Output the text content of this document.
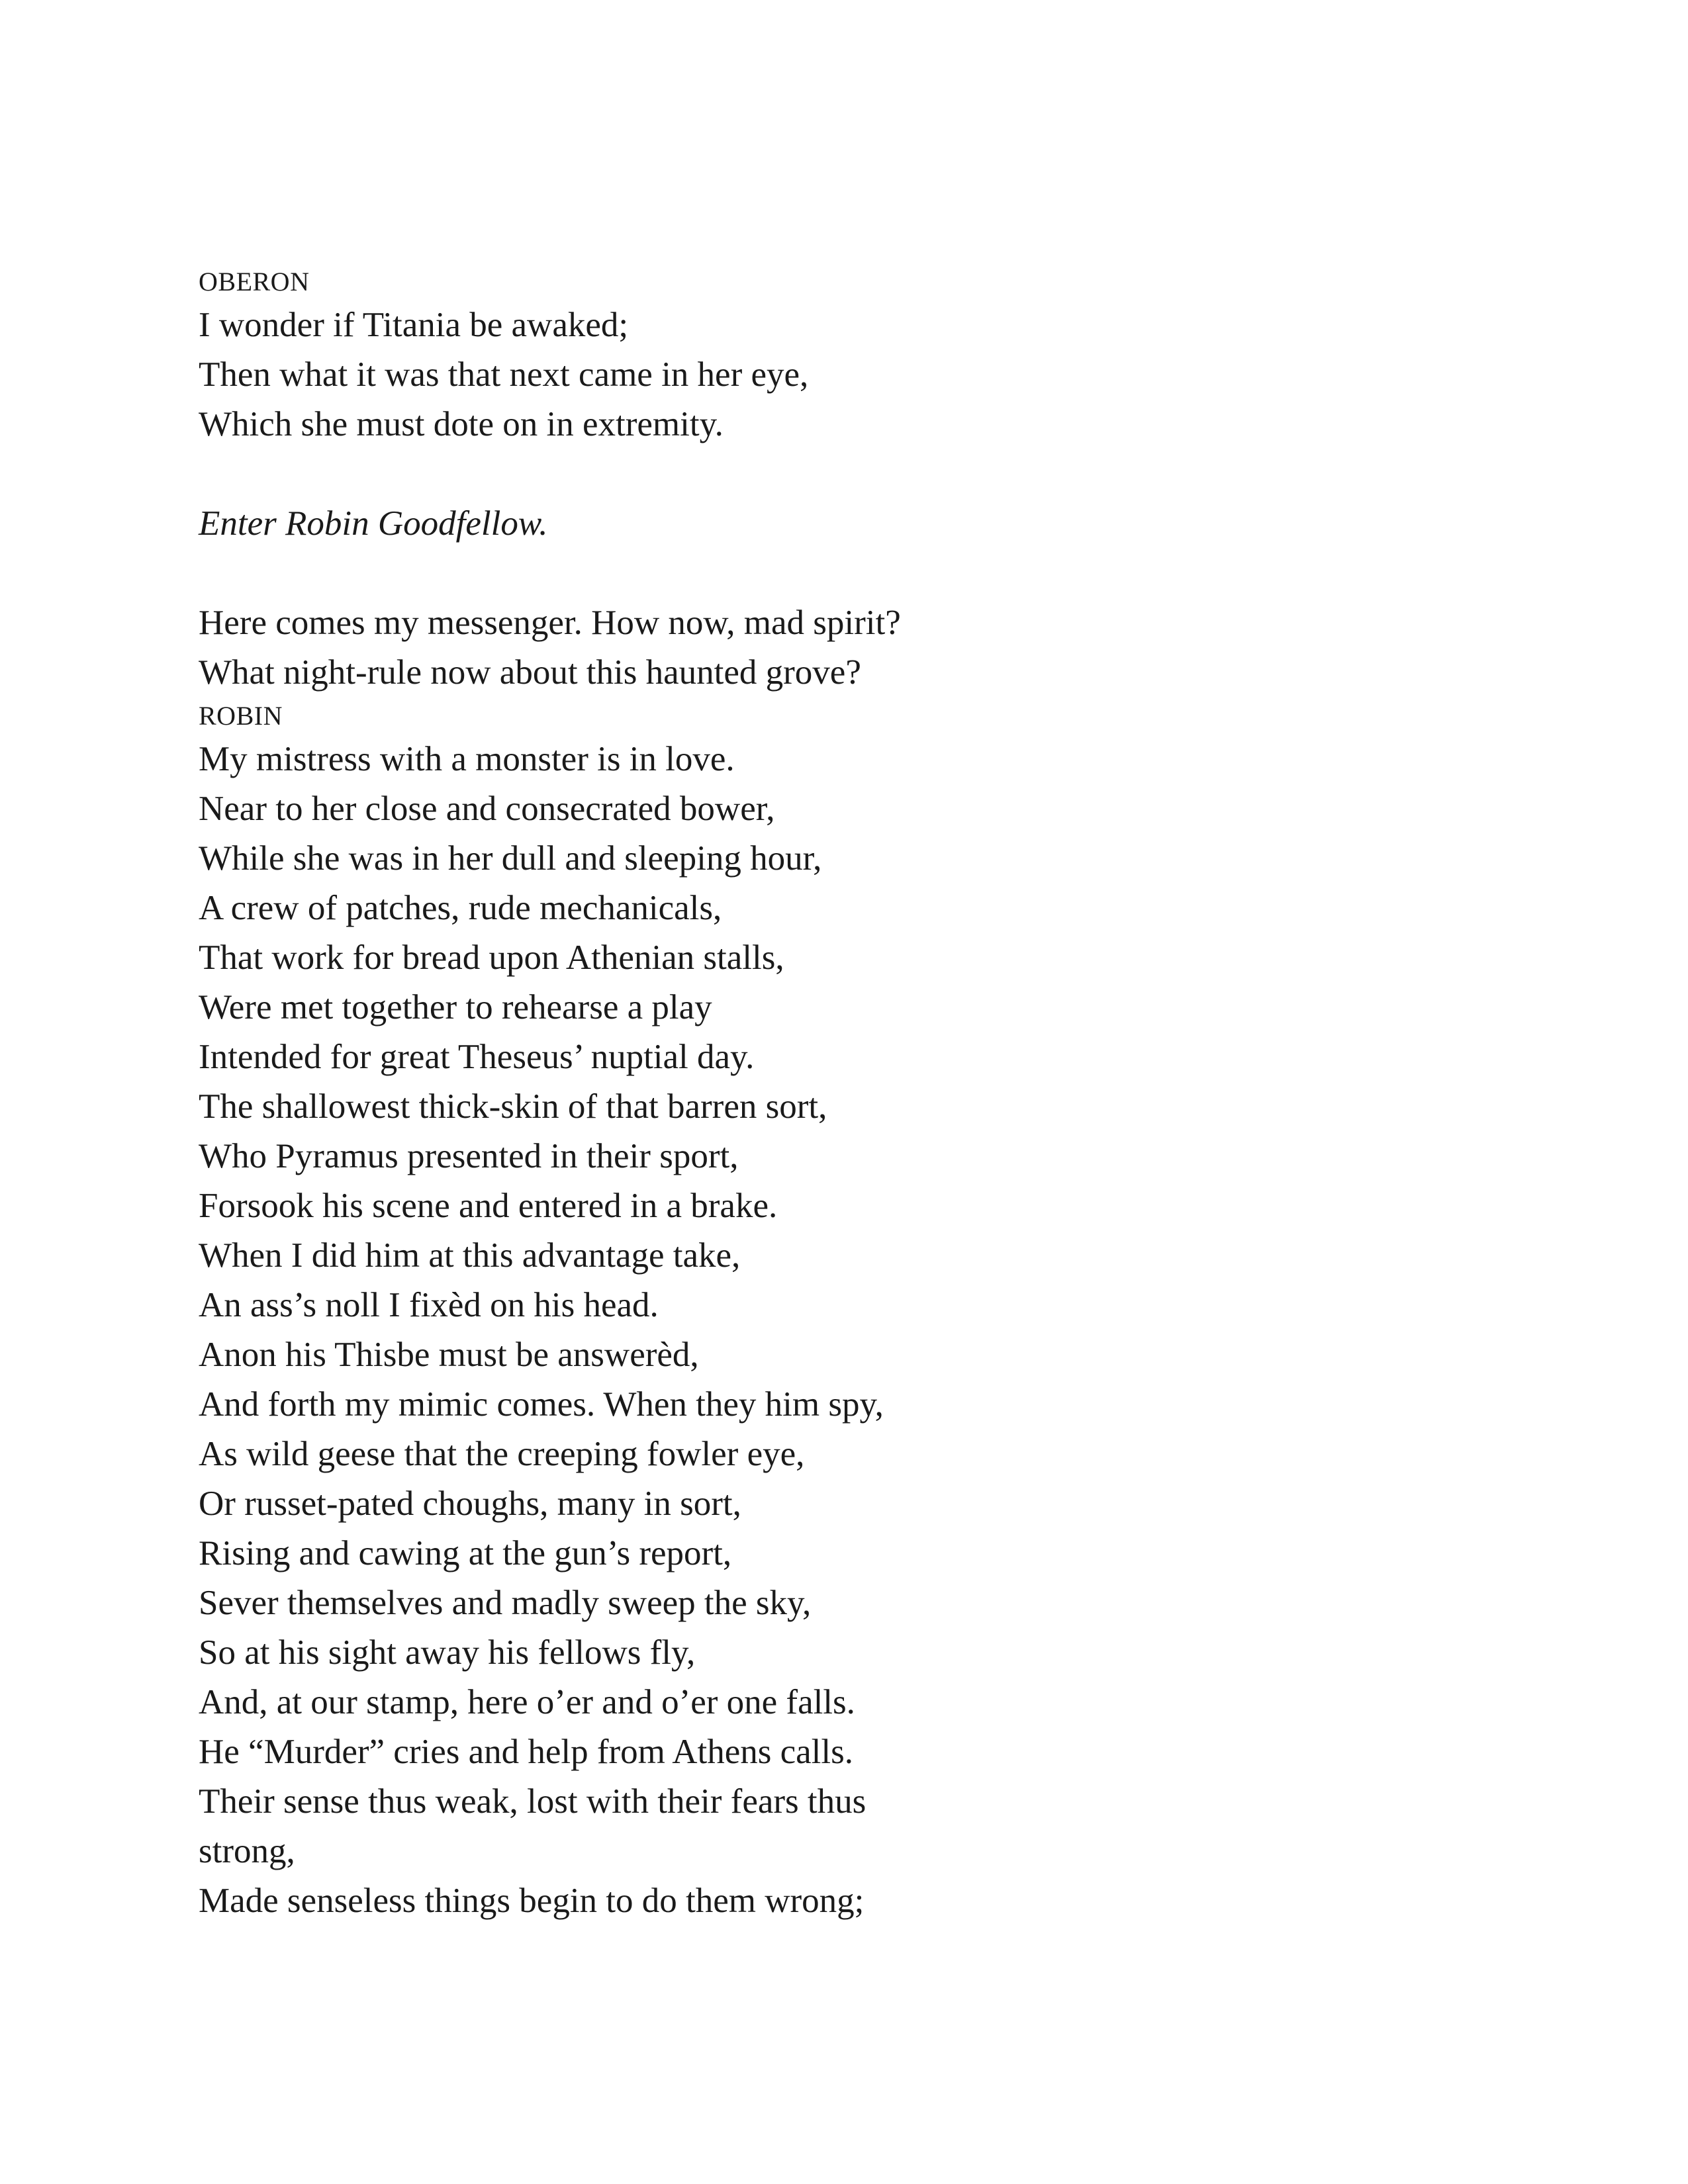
OBERON
I wonder if Titania be awaked;
Then what it was that next came in her eye,
Which she must dote on in extremity.
Enter Robin Goodfellow.
Here comes my messenger. How now, mad spirit?
What night-rule now about this haunted grove?
ROBIN
My mistress with a monster is in love.
Near to her close and consecrated bower,
While she was in her dull and sleeping hour,
A crew of patches, rude mechanicals,
That work for bread upon Athenian stalls,
Were met together to rehearse a play
Intended for great Theseus’ nuptial day.
The shallowest thick-skin of that barren sort,
Who Pyramus presented in their sport,
Forsook his scene and entered in a brake.
When I did him at this advantage take,
An ass’s noll I fixèd on his head.
Anon his Thisbe must be answerèd,
And forth my mimic comes. When they him spy,
As wild geese that the creeping fowler eye,
Or russet-pated choughs, many in sort,
Rising and cawing at the gun’s report,
Sever themselves and madly sweep the sky,
So at his sight away his fellows fly,
And, at our stamp, here o’er and o’er one falls.
He “Murder” cries and help from Athens calls.
Their sense thus weak, lost with their fears thus
strong,
Made senseless things begin to do them wrong;
